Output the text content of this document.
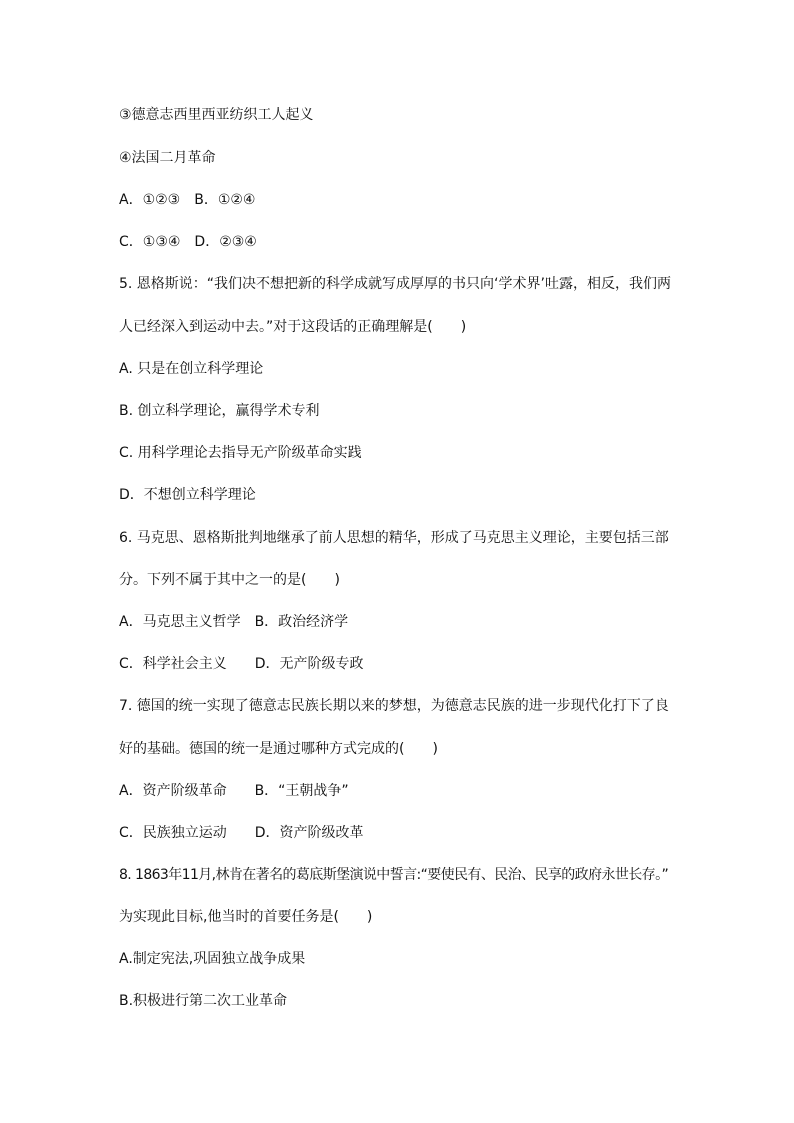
③德意志西里西亚纺织工人起义
④法国二月革命
A．①②③　B．①②④
C．①③④　D．②③④
5. 恩格斯说：“我们决不想把新的科学成就写成厚厚的书只向‘学术界’吐露，相反，我们两
人已经深入到运动中去。”对于这段话的正确理解是(　　)
A. 只是在创立科学理论
B. 创立科学理论，赢得学术专利
C. 用科学理论去指导无产阶级革命实践
D．不想创立科学理论
6. 马克思、恩格斯批判地继承了前人思想的精华，形成了马克思主义理论，主要包括三部
分。下列不属于其中之一的是(　　)
A．马克思主义哲学　B．政治经济学
C．科学社会主义　　D．无产阶级专政
7. 德国的统一实现了德意志民族长期以来的梦想，为德意志民族的进一步现代化打下了良
好的基础。德国的统一是通过哪种方式完成的(　　)
A．资产阶级革命　　B．“王朝战争”
C．民族独立运动　　D．资产阶级改革
8. 1863年11月,林肯在著名的葛底斯堡演说中誓言:“要使民有、民治、民享的政府永世长存。”
为实现此目标,他当时的首要任务是(　　)
A.制定宪法,巩固独立战争成果
B.积极进行第二次工业革命
